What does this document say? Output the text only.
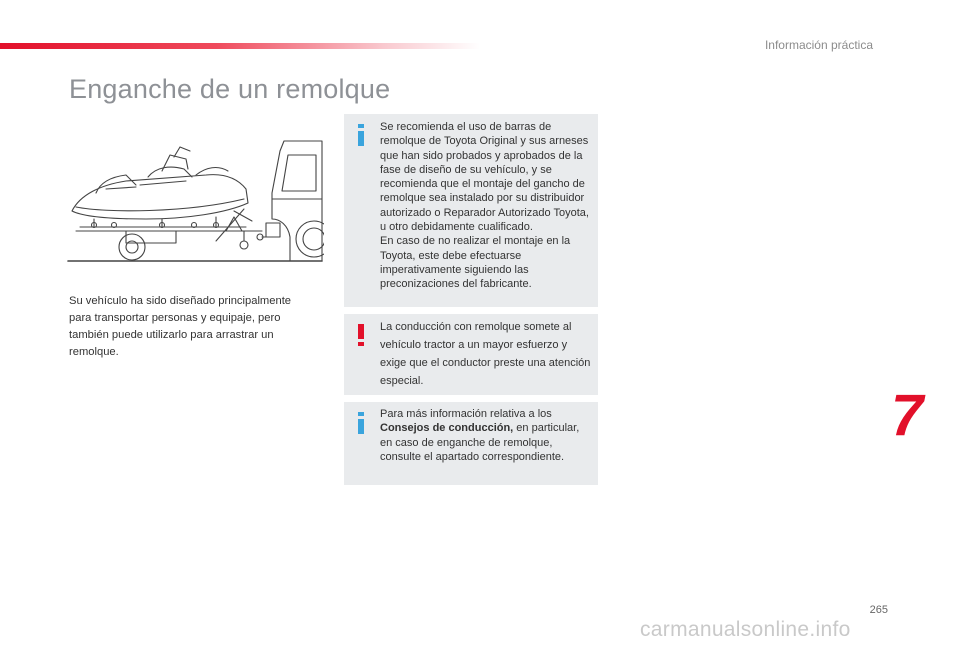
Información práctica
Enganche de un remolque

Su vehículo ha sido diseñado principalmente para transportar personas y equipaje, pero también puede utilizarlo para arrastrar un remolque.

Se recomienda el uso de barras de remolque de Toyota Original y sus arneses que han sido probados y aprobados de la fase de diseño de su vehículo, y se recomienda que el montaje del gancho de remolque sea instalado por su distribuidor autorizado o Reparador Autorizado Toyota, u otro debidamente cualificado.
En caso de no realizar el montaje en la Toyota, este debe efectuarse imperativamente siguiendo las preconizaciones del fabricante.

La conducción con remolque somete al vehículo tractor a un mayor esfuerzo y exige que el conductor preste una atención especial.

Para más información relativa a los Consejos de conducción, en particular, en caso de enganche de remolque, consulte el apartado correspondiente.

7
265
carmanualsonline.info
